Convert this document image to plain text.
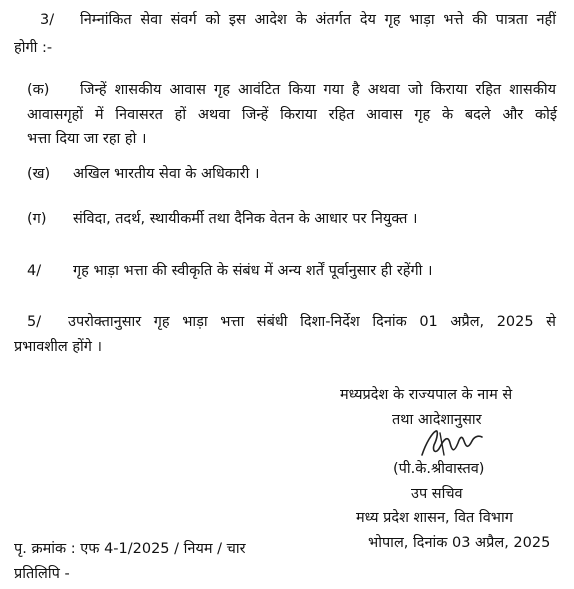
3/ निम्नांकित सेवा संवर्ग को इस आदेश के अंतर्गत देय गृह भाड़ा भत्ते की पात्रता नहीं
होगी :-
(क) जिन्हें शासकीय आवास गृह आवंटित किया गया है अथवा जो किराया रहित शासकीय
आवासगृहों में निवासरत हों अथवा जिन्हें किराया रहित आवास गृह के बदले और कोई
भत्ता दिया जा रहा हो ।
(ख) अखिल भारतीय सेवा के अधिकारी ।
(ग) संविदा, तदर्थ, स्थायीकर्मी तथा दैनिक वेतन के आधार पर नियुक्त ।
4/ गृह भाड़ा भत्ता की स्वीकृति के संबंध में अन्य शर्तें पूर्वानुसार ही रहेंगी ।
5/ उपरोक्तानुसार गृह भाड़ा भत्ता संबंधी दिशा-निर्देश दिनांक 01 अप्रैल, 2025 से
प्रभावशील होंगे ।
मध्यप्रदेश के राज्यपाल के नाम से
तथा आदेशानुसार
(पी.के.श्रीवास्तव)
उप सचिव
मध्य प्रदेश शासन, वित विभाग
भोपाल, दिनांक 03 अप्रैल, 2025
पृ. क्रमांक : एफ 4-1/2025 / नियम / चार
प्रतिलिपि -
